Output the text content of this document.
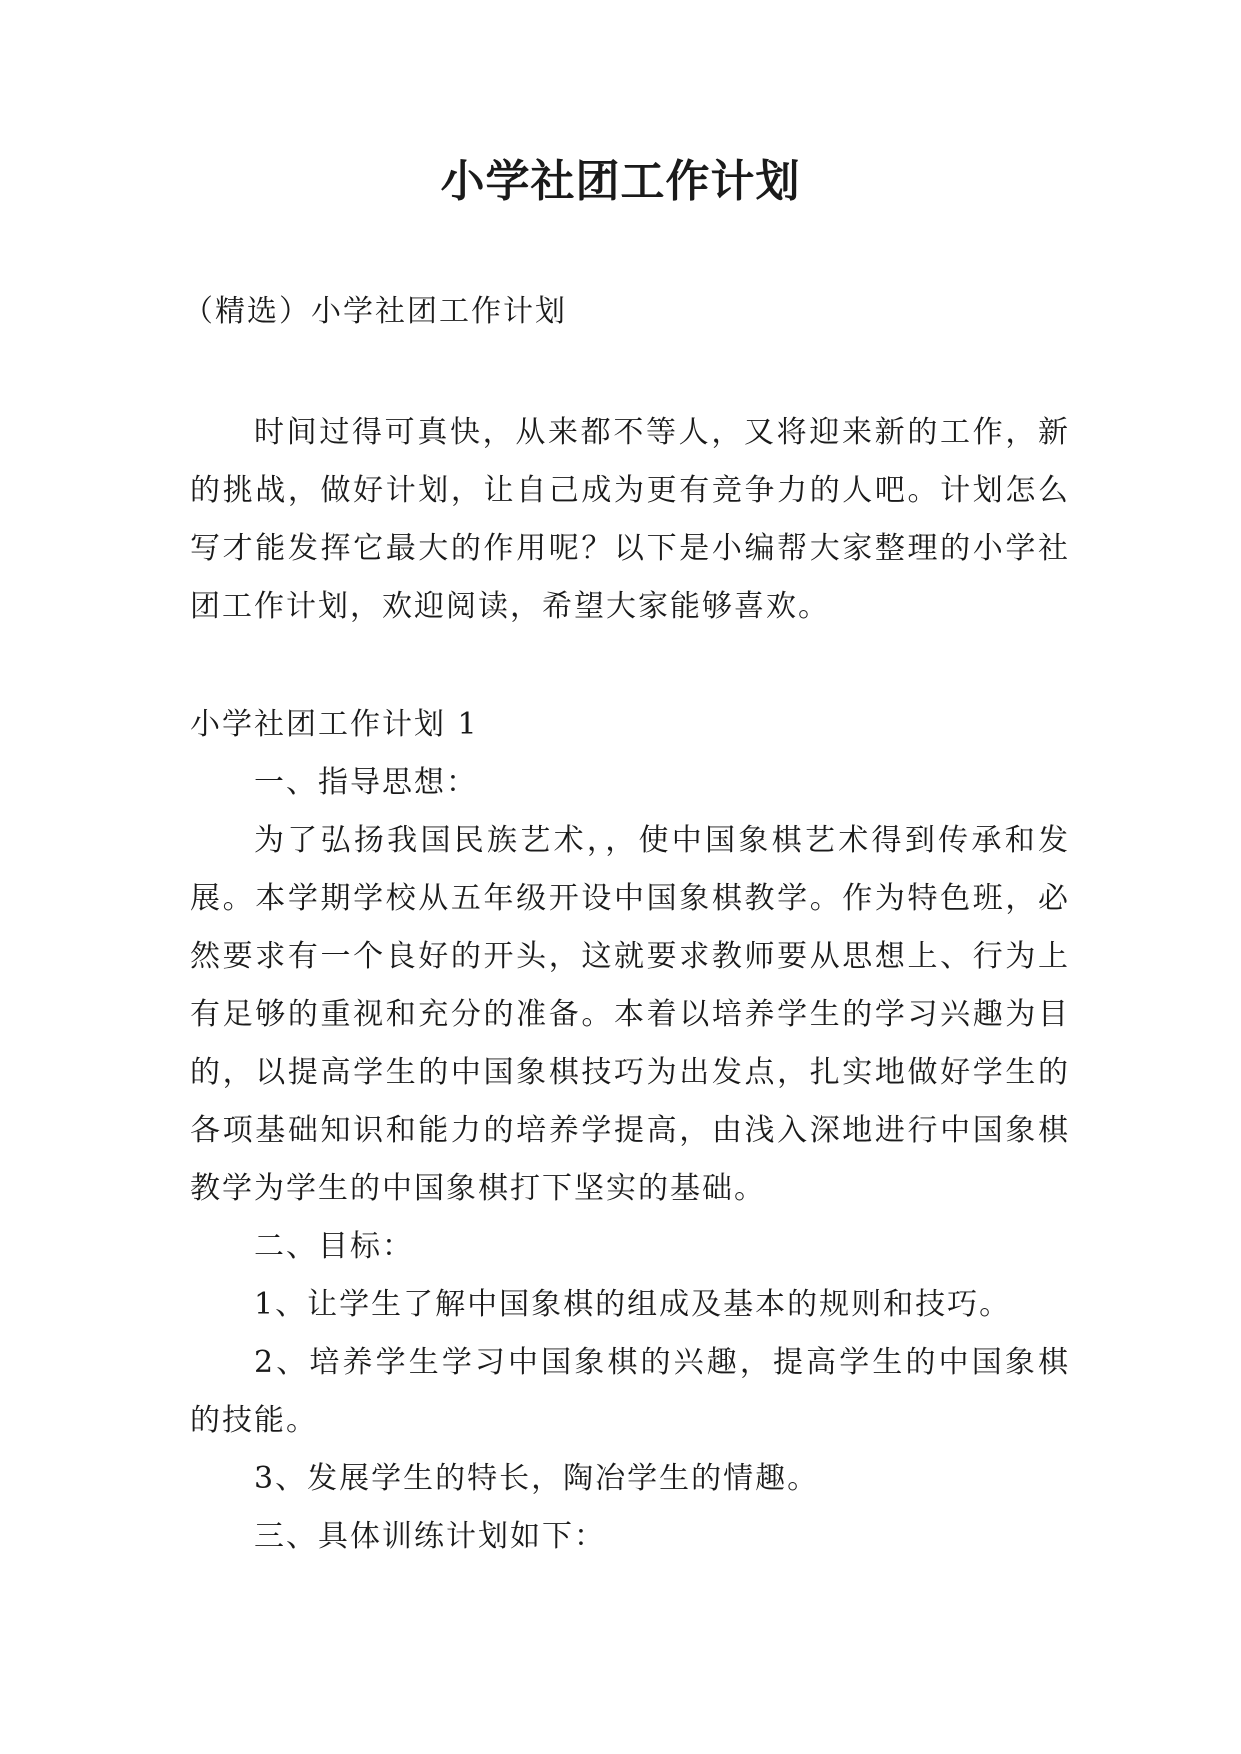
小学社团工作计划
（精选）小学社团工作计划

时间过得可真快，从来都不等人，又将迎来新的工作，新的挑战，做好计划，让自己成为更有竞争力的人吧。计划怎么写才能发挥它最大的作用呢？以下是小编帮大家整理的小学社团工作计划，欢迎阅读，希望大家能够喜欢。

小学社团工作计划 1

一、指导思想：

为了弘扬我国民族艺术，，使中国象棋艺术得到传承和发展。本学期学校从五年级开设中国象棋教学。作为特色班，必然要求有一个良好的开头，这就要求教师要从思想上、行为上有足够的重视和充分的准备。本着以培养学生的学习兴趣为目的，以提高学生的中国象棋技巧为出发点，扎实地做好学生的各项基础知识和能力的培养学提高，由浅入深地进行中国象棋教学为学生的中国象棋打下坚实的基础。

二、目标：

1、让学生了解中国象棋的组成及基本的规则和技巧。

2、培养学生学习中国象棋的兴趣，提高学生的中国象棋的技能。

3、发展学生的特长，陶冶学生的情趣。

三、具体训练计划如下：
